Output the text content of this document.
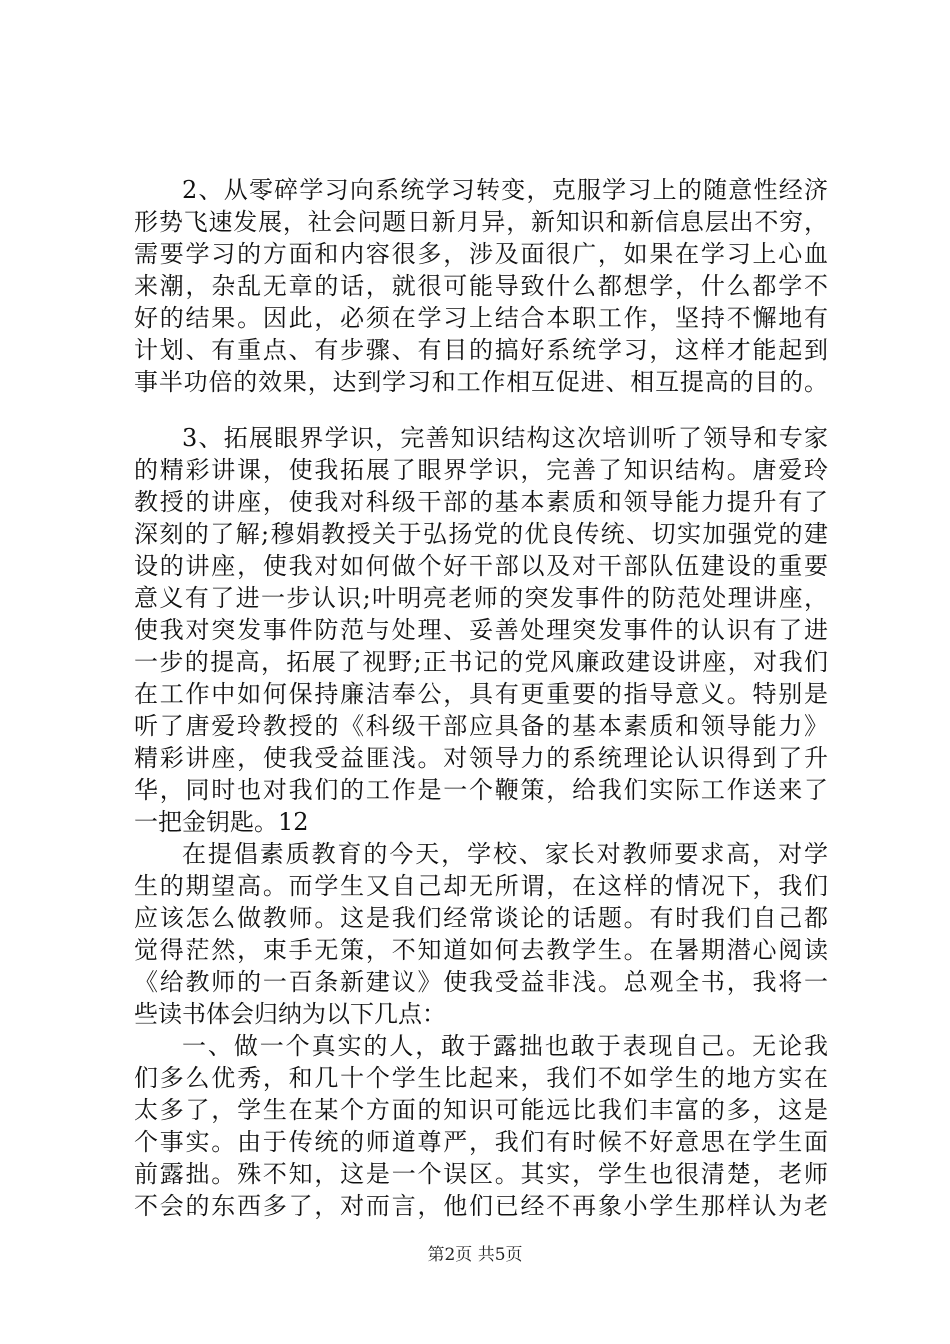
2、从零碎学习向系统学习转变，克服学习上的随意性经济
形势飞速发展，社会问题日新月异，新知识和新信息层出不穷，
需要学习的方面和内容很多，涉及面很广，如果在学习上心血
来潮，杂乱无章的话，就很可能导致什么都想学，什么都学不
好的结果。因此，必须在学习上结合本职工作，坚持不懈地有
计划、有重点、有步骤、有目的搞好系统学习，这样才能起到
事半功倍的效果，达到学习和工作相互促进、相互提高的目的。
3、拓展眼界学识，完善知识结构这次培训听了领导和专家
的精彩讲课，使我拓展了眼界学识，完善了知识结构。唐爱玲
教授的讲座，使我对科级干部的基本素质和领导能力提升有了
深刻的了解;穆娟教授关于弘扬党的优良传统、切实加强党的建
设的讲座，使我对如何做个好干部以及对干部队伍建设的重要
意义有了进一步认识;叶明亮老师的突发事件的防范处理讲座，
使我对突发事件防范与处理、妥善处理突发事件的认识有了进
一步的提高，拓展了视野;正书记的党风廉政建设讲座，对我们
在工作中如何保持廉洁奉公，具有更重要的指导意义。特别是
听了唐爱玲教授的《科级干部应具备的基本素质和领导能力》
精彩讲座，使我受益匪浅。对领导力的系统理论认识得到了升
华，同时也对我们的工作是一个鞭策，给我们实际工作送来了
一把金钥匙。12
在提倡素质教育的今天，学校、家长对教师要求高，对学
生的期望高。而学生又自己却无所谓，在这样的情况下，我们
应该怎么做教师。这是我们经常谈论的话题。有时我们自己都
觉得茫然，束手无策，不知道如何去教学生。在暑期潜心阅读
《给教师的一百条新建议》使我受益非浅。总观全书，我将一
些读书体会归纳为以下几点：
一、做一个真实的人，敢于露拙也敢于表现自己。无论我
们多么优秀，和几十个学生比起来，我们不如学生的地方实在
太多了，学生在某个方面的知识可能远比我们丰富的多，这是
个事实。由于传统的师道尊严，我们有时候不好意思在学生面
前露拙。殊不知，这是一个误区。其实，学生也很清楚，老师
不会的东西多了，对而言，他们已经不再象小学生那样认为老
第2页 共5页
